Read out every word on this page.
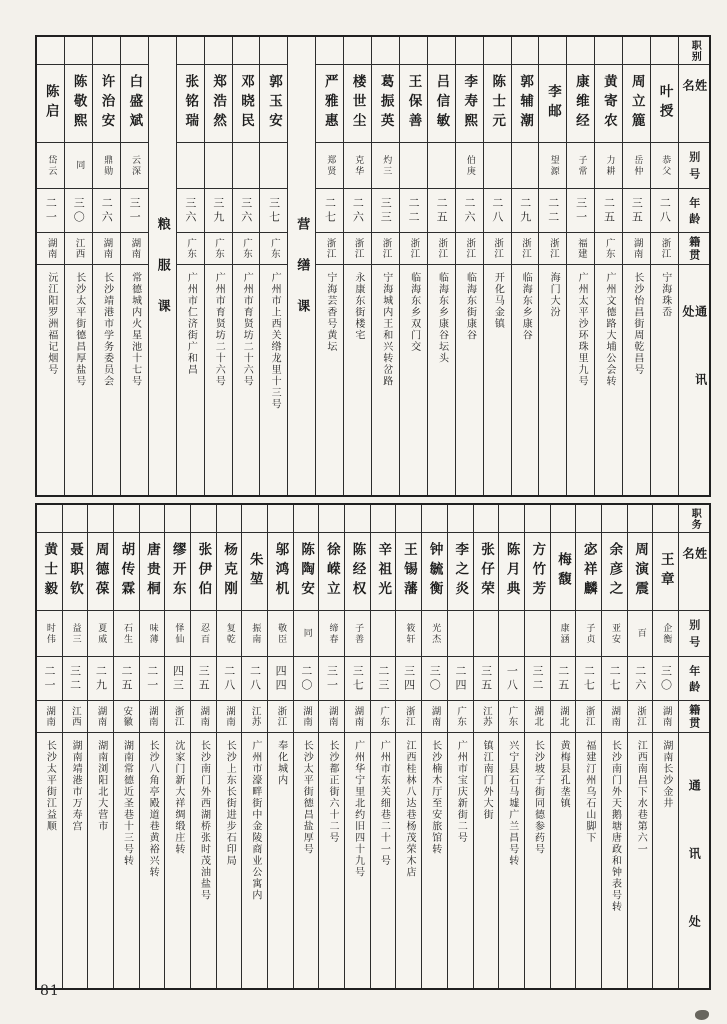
职别
姓名
别号
年龄
籍贯
通讯处
叶授
恭父
二八
浙江
宁海珠岙
周立簏
岳仲
三五
湖南
长沙怡昌街周乾昌号
黄寄农
力耕
二五
广东
广州文德路大埔公会转
康维经
子常
三一
福建
广州太平沙环珠里九号
李邮
望源
二二
浙江
海门大汾
郭辅潮
二九
浙江
临海东乡康谷
陈士元
二八
浙江
开化马金镇
李寿熙
伯庚
二六
浙江
临海东街康谷
吕信敏
二五
浙江
临海东乡康谷坛头
王保善
二二
浙江
临海东乡双门交
葛振英
灼三
三三
浙江
宁海城内王和兴转岔路
楼世尘
克华
二六
浙江
永康东街楼宅
严雅惠
郑贤
二七
浙江
宁海芸香号黄坛
营缮课
郭玉安
三七
广东
广州市上西关绺龙里十三号
邓晓民
三六
广东
广州市育贤坊二十六号
郑浩然
三九
广东
广州市育贤坊二十六号
张铭瑞
三六
广东
广州市仁济街广和昌
粮服课
白盛斌
云深
三一
湖南
常德城内火星池十七号
许治安
鼎勋
二六
湖南
长沙靖港市学务委员会
陈敬熙
同
三〇
江西
长沙太平街德昌厚盐号
陈启
岱云
二一
湖南
沅江阳罗洲福记烟号
职务
姓名
别号
年龄
籍贯
通讯处
王章
企衡
三〇
湖南
湖南长沙金井
周演震
百
二六
浙江
江西南昌下水巷第六一
余彦之
亚安
二七
湖南
长沙南门外天鹅塘唐政和钟表号转
宓祥麟
子贞
二七
浙江
福建汀州乌石山脚下
梅馥
康涵
二五
湖北
黄梅县孔垄镇
方竹芳
三二
湖北
长沙坡子街同德参药号
陈月典
一八
广东
兴宁县石马墟广兰昌号转
张仔荣
三五
江苏
镇江南门外大街
李之炎
二四
广东
广州市宝庆新街二号
钟毓衡
光杰
三〇
湖南
长沙楠木厅至安旅馆转
王锡藩
筱轩
三四
浙江
江西桂林八达巷杨茂荣木店
辛祖光
二三
广东
广州市东关细巷二十一号
陈经权
子善
三七
湖南
广州华宁里北约旧四十九号
徐嵘立
缔春
三一
湖南
长沙都正街六十二号
陈陶安
同
二〇
湖南
长沙太平街德昌盐厚号
邬鸿机
敬臣
四四
浙江
奉化城内
朱堃
振南
二八
江苏
广州市濠畔街中金陵商业公寓内
杨克刚
复乾
二八
湖南
长沙上东长街进步石印局
张伊伯
忍百
三五
湖南
长沙南门外西湖桥张时茂油盐号
缪开东
怿仙
四三
浙江
沈家门新大祥绸缎庄转
唐贵桐
味薄
二一
湖南
长沙八角亭殿道巷黄裕兴转
胡传霖
石生
二五
安徽
湖南常德近圣巷十三号转
周德葆
夏威
二九
湖南
湖南浏阳北大营市
聂职钦
益三
三二
江西
湖南靖港市万寿宫
黄士毅
时伟
二一
湖南
长沙太平街江益顺
81
